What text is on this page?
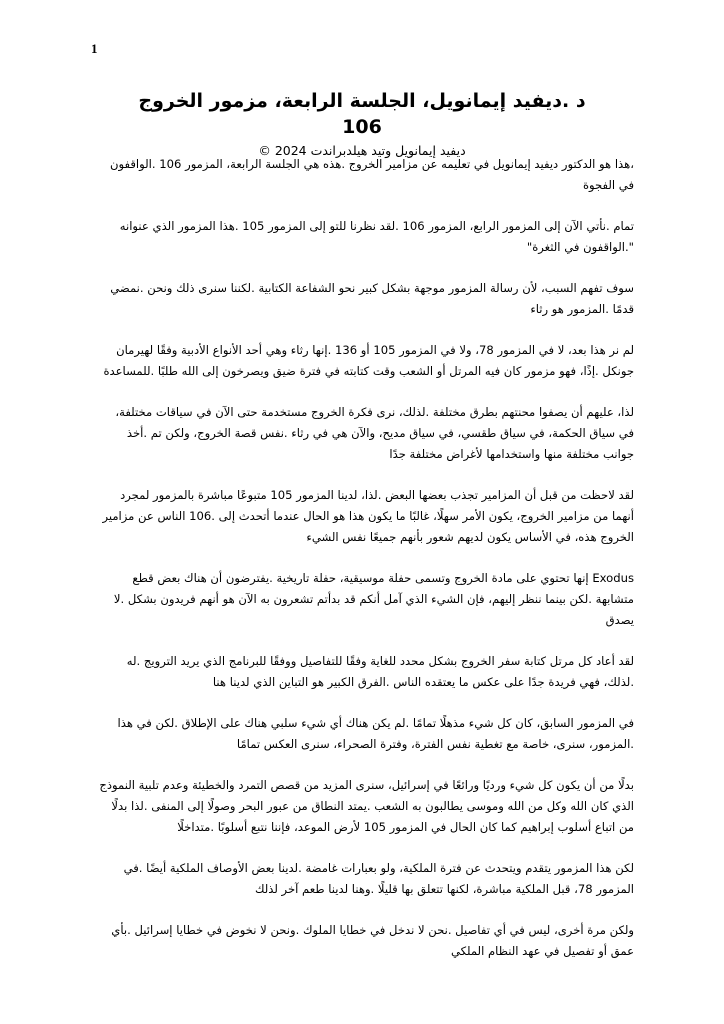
1
د .ديفيد إيمانويل، الجلسة الرابعة، مزمور الخروج 106

ديفيد إيمانويل وتيد هيلدبراندت 2024 ©

،هذا هو الدكتور ديفيد إيمانويل في تعليمه عن مزامير الخروج .هذه هي الجلسة الرابعة، المزمور 106 .الواقفون في الفجوة

تمام .نأتي الآن إلى المزمور الرابع، المزمور 106 .لقد نظرنا للتو إلى المزمور 105 .هذا المزمور الذي عنوانه ".الواقفون في الثغرة"

سوف تفهم السبب، لأن رسالة المزمور موجهة بشكل كبير نحو الشفاعة الكتابية .لكننا سنرى ذلك ونحن .نمضي قدمًا .المزمور هو رثاء

لم نر هذا بعد، لا في المزمور 78، ولا في المزمور 105 أو 136 .إنها رثاء وهي أحد الأنواع الأدبية وفقًا لهيرمان جونكل .إذًا، فهو مزمور كان فيه المرتل أو الشعب وقت كتابته في فترة ضيق ويصرخون إلى الله طلبًا .للمساعدة

لذا، عليهم أن يصفوا محنتهم بطرق مختلفة .لذلك، نرى فكرة الخروج مستخدمة حتى الآن في سياقات مختلفة، في سياق الحكمة، في سياق طقسي، في سياق مديح، والآن هي في رثاء .نفس قصة الخروج، ولكن تم .أخذ جوانب مختلفة منها واستخدامها لأغراض مختلفة جدًا

لقد لاحظت من قبل أن المزامير تجذب بعضها البعض .لذا، لدينا المزمور 105 متبوعًا مباشرة بالمزمور لمجرد أنهما من مزامير الخروج، يكون الأمر سهلًا، غالبًا ما يكون هذا هو الحال عندما أتحدث إلى .106 الناس عن مزامير الخروج هذه، في الأساس يكون لديهم شعور بأنهم جميعًا نفس الشيء

Exodus إنها تحتوي على مادة الخروج وتسمى حفلة موسيقية، حفلة تاريخية .يفترضون أن هناك بعض قطع متشابهة .لكن بينما ننظر إليهم، فإن الشيء الذي آمل أنكم قد بدأتم تشعرون به الآن هو أنهم فريدون بشكل .لا يصدق

لقد أعاد كل مرتل كتابة سفر الخروج بشكل محدد للغاية وفقًا للتفاصيل ووفقًا للبرنامج الذي يريد الترويج .له .لذلك، فهي فريدة جدًا على عكس ما يعتقده الناس .الفرق الكبير هو التباين الذي لدينا هنا

في المزمور السابق، كان كل شيء مذهلًا تمامًا .لم يكن هناك أي شيء سلبي هناك على الإطلاق .لكن في هذا .المزمور، سنرى، خاصة مع تغطية نفس الفترة، وفترة الصحراء، سنرى العكس تمامًا

بدلًا من أن يكون كل شيء ورديًا ورائعًا في إسرائيل، سنرى المزيد من قصص التمرد والخطيئة وعدم تلبية النموذج الذي كان الله وكل من الله وموسى يطالبون به الشعب .يمتد النطاق من عبور البحر وصولًا إلى المنفى .لذا بدلًا من اتباع أسلوب إبراهيم كما كان الحال في المزمور 105 لأرض الموعد، فإننا نتبع أسلوبًا .متداخلًا

لكن هذا المزمور يتقدم ويتحدث عن فترة الملكية، ولو بعبارات غامضة .لدينا بعض الأوصاف الملكية أيضًا .في المزمور 78، قبل الملكية مباشرة، لكنها تتعلق بها قليلًا .وهنا لدينا طعم آخر لذلك

ولكن مرة أخرى، ليس في أي تفاصيل .نحن لا ندخل في خطايا الملوك .ونحن لا نخوض في خطايا إسرائيل .بأي عمق أو تفصيل في عهد النظام الملكي
